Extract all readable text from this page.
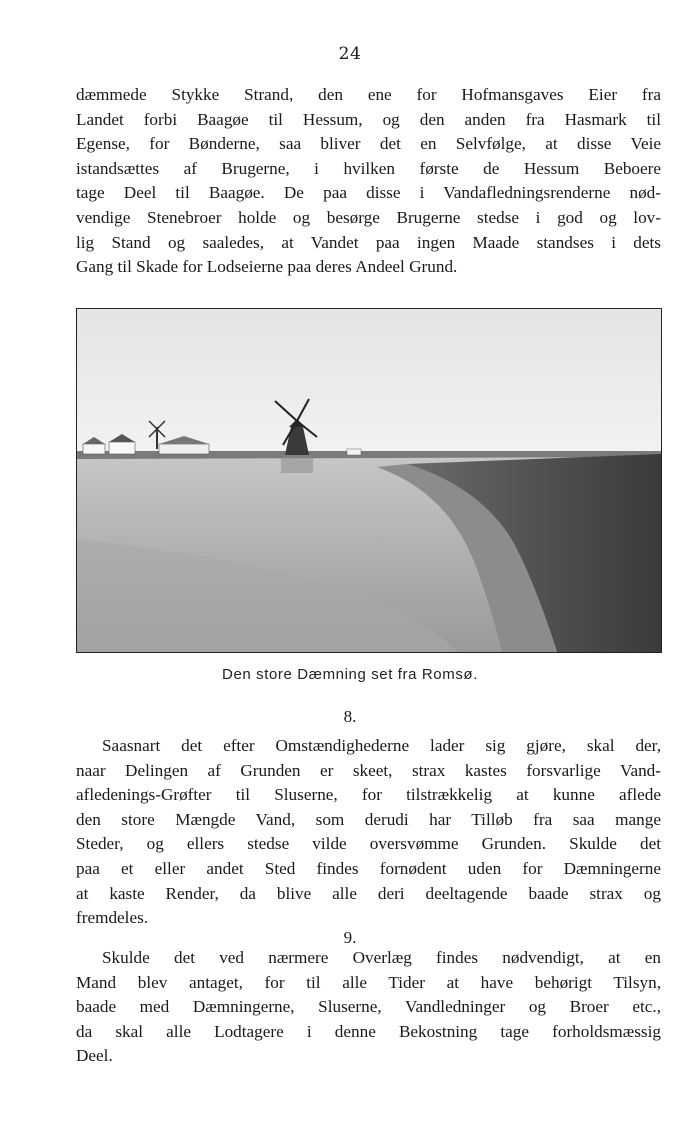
24
dæmmede Stykke Strand, den ene for Hofmansgaves Eier fra
Landet forbi Baagøe til Hessum, og den anden fra Hasmark til
Egense, for Bønderne, saa bliver det en Selvfølge, at disse Veie
istandsættes af Brugerne, i hvilken første de Hessum Beboere
tage Deel til Baagøe. De paa disse i Vandafledningsrenderne nød-
vendige Stenebroer holde og besørge Brugerne stedse i god og lov-
lig Stand og saaledes, at Vandet paa ingen Maade standses i dets
Gang til Skade for Lodseierne paa deres Andeel Grund.
Den store Dæmning set fra Romsø.
8.
Saasnart det efter Omstændighederne lader sig gjøre, skal der,
naar Delingen af Grunden er skeet, strax kastes forsvarlige Vand-
afledenings-Grøfter til Sluserne, for tilstrækkelig at kunne aflede
den store Mængde Vand, som derudi har Tilløb fra saa mange
Steder, og ellers stedse vilde oversvømme Grunden. Skulde det
paa et eller andet Sted findes fornødent uden for Dæmningerne
at kaste Render, da blive alle deri deeltagende baade strax og
fremdeles.
9.
Skulde det ved nærmere Overlæg findes nødvendigt, at en
Mand blev antaget, for til alle Tider at have behørigt Tilsyn,
baade med Dæmningerne, Sluserne, Vandledninger og Broer etc.,
da skal alle Lodtagere i denne Bekostning tage forholdsmæssig
Deel.
